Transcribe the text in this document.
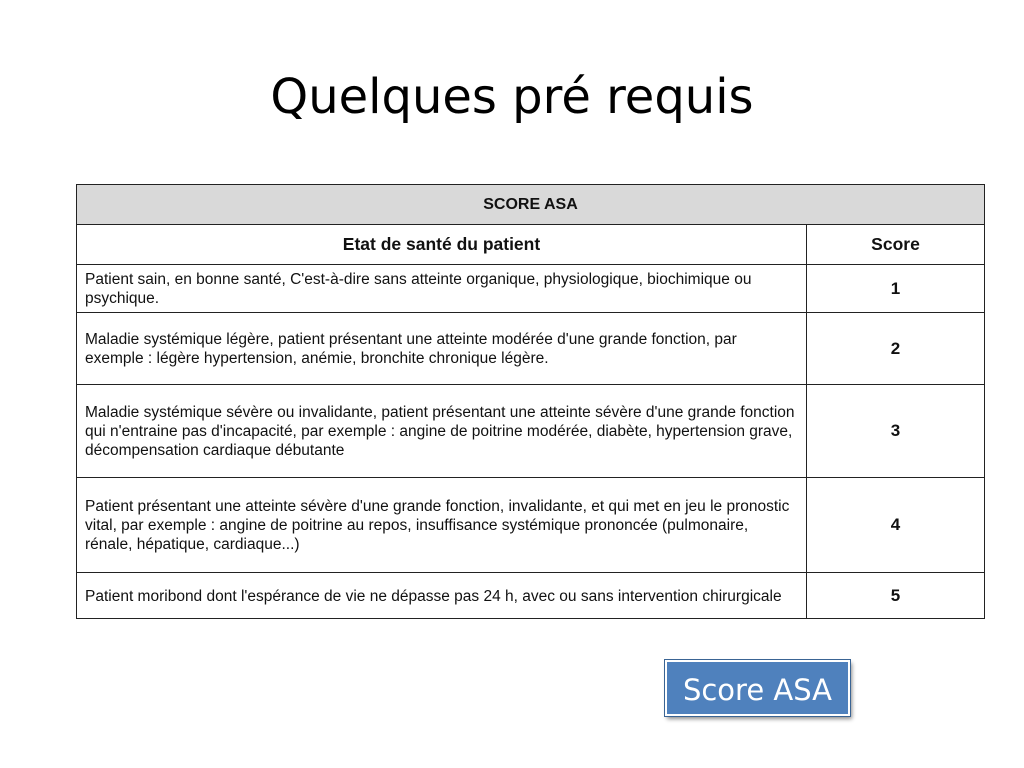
Quelques pré requis
SCORE ASA	
Etat de santé du patient	Score
Patient sain, en bonne santé, C'est-à-dire sans atteinte organique, physiologique, biochimique ou psychique.	1
Maladie systémique légère, patient présentant une atteinte modérée d'une grande fonction, par exemple : légère hypertension, anémie, bronchite chronique légère.	2
Maladie systémique sévère ou invalidante, patient présentant une atteinte sévère d'une grande fonction qui n'entraine pas d'incapacité, par exemple : angine de poitrine modérée, diabète, hypertension grave, décompensation cardiaque débutante	3
Patient présentant une atteinte sévère d'une grande fonction, invalidante, et qui met en jeu le pronostic vital, par exemple : angine de poitrine au repos, insuffisance systémique prononcée (pulmonaire, rénale, hépatique, cardiaque...)	4
Patient moribond dont l'espérance de vie ne dépasse pas 24 h, avec ou sans intervention chirurgicale	5
Score ASA
